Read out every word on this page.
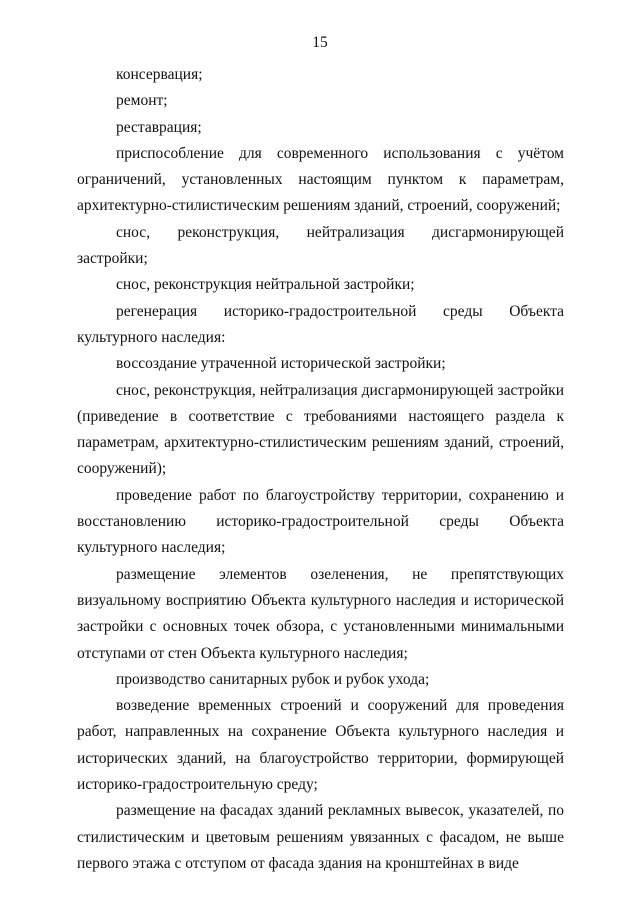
15

консервация;

ремонт;

реставрация;

приспособление для современного использования с учётом ограничений, установленных настоящим пунктом к параметрам, архитектурно-стилистическим решениям зданий, строений, сооружений;

снос, реконструкция, нейтрализация дисгармонирующей застройки;

снос, реконструкция нейтральной застройки;

регенерация историко-градостроительной среды Объекта культурного наследия:

воссоздание утраченной исторической застройки;

снос, реконструкция, нейтрализация дисгармонирующей застройки (приведение в соответствие с требованиями настоящего раздела к параметрам, архитектурно-стилистическим решениям зданий, строений, сооружений);

проведение работ по благоустройству территории, сохранению и восстановлению историко-градостроительной среды Объекта культурного наследия;

размещение элементов озеленения, не препятствующих визуальному восприятию Объекта культурного наследия и исторической застройки с основных точек обзора, с установленными минимальными отступами от стен Объекта культурного наследия;

производство санитарных рубок и рубок ухода;

возведение временных строений и сооружений для проведения работ, направленных на сохранение Объекта культурного наследия и исторических зданий, на благоустройство территории, формирующей историко-градостроительную среду;

размещение на фасадах зданий рекламных вывесок, указателей, по стилистическим и цветовым решениям увязанных с фасадом, не выше первого этажа с отступом от фасада здания на кронштейнах в виде
